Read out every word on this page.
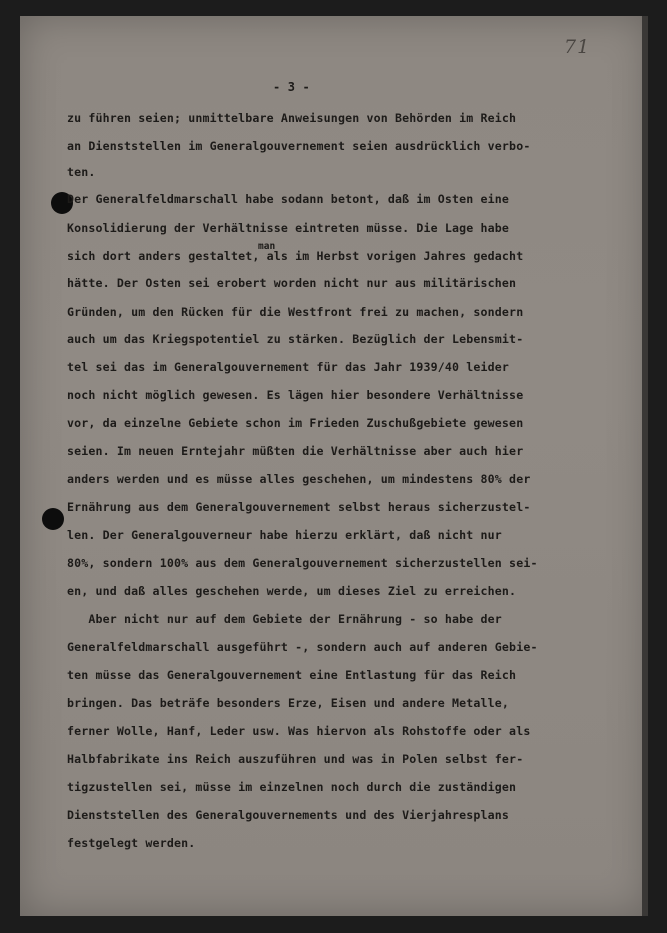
71

- 3 -

zu führen seien; unmittelbare Anweisungen von Behörden im Reich

an Dienststellen im Generalgouvernement seien ausdrücklich verbo-

ten.

Der Generalfeldmarschall habe sodann betont, daß im Osten eine

Konsolidierung der Verhältnisse eintreten müsse. Die Lage habe

sich dort anders gestaltet, als im Herbst vorigen Jahres gedacht

hätte. Der Osten sei erobert worden nicht nur aus militärischen

Gründen, um den Rücken für die Westfront frei zu machen, sondern

auch um das Kriegspotentiel zu stärken. Bezüglich der Lebensmit-

tel sei das im Generalgouvernement für das Jahr 1939/40 leider

noch nicht möglich gewesen. Es lägen hier besondere Verhältnisse

vor, da einzelne Gebiete schon im Frieden Zuschußgebiete gewesen

seien. Im neuen Erntejahr müßten die Verhältnisse aber auch hier

anders werden und es müsse alles geschehen, um mindestens 80% der

Ernährung aus dem Generalgouvernement selbst heraus sicherzustel-

len. Der Generalgouverneur habe hierzu erklärt, daß nicht nur

80%, sondern 100% aus dem Generalgouvernement sicherzustellen sei-

en, und daß alles geschehen werde, um dieses Ziel zu erreichen.

Aber nicht nur auf dem Gebiete der Ernährung - so habe der

Generalfeldmarschall ausgeführt -, sondern auch auf anderen Gebie-

ten müsse das Generalgouvernement eine Entlastung für das Reich

bringen. Das beträfe besonders Erze, Eisen und andere Metalle,

ferner Wolle, Hanf, Leder usw. Was hiervon als Rohstoffe oder als

Halbfabrikate ins Reich auszuführen und was in Polen selbst fer-

tigzustellen sei, müsse im einzelnen noch durch die zuständigen

Dienststellen des Generalgouvernements und des Vierjahresplans

festgelegt werden.

man
